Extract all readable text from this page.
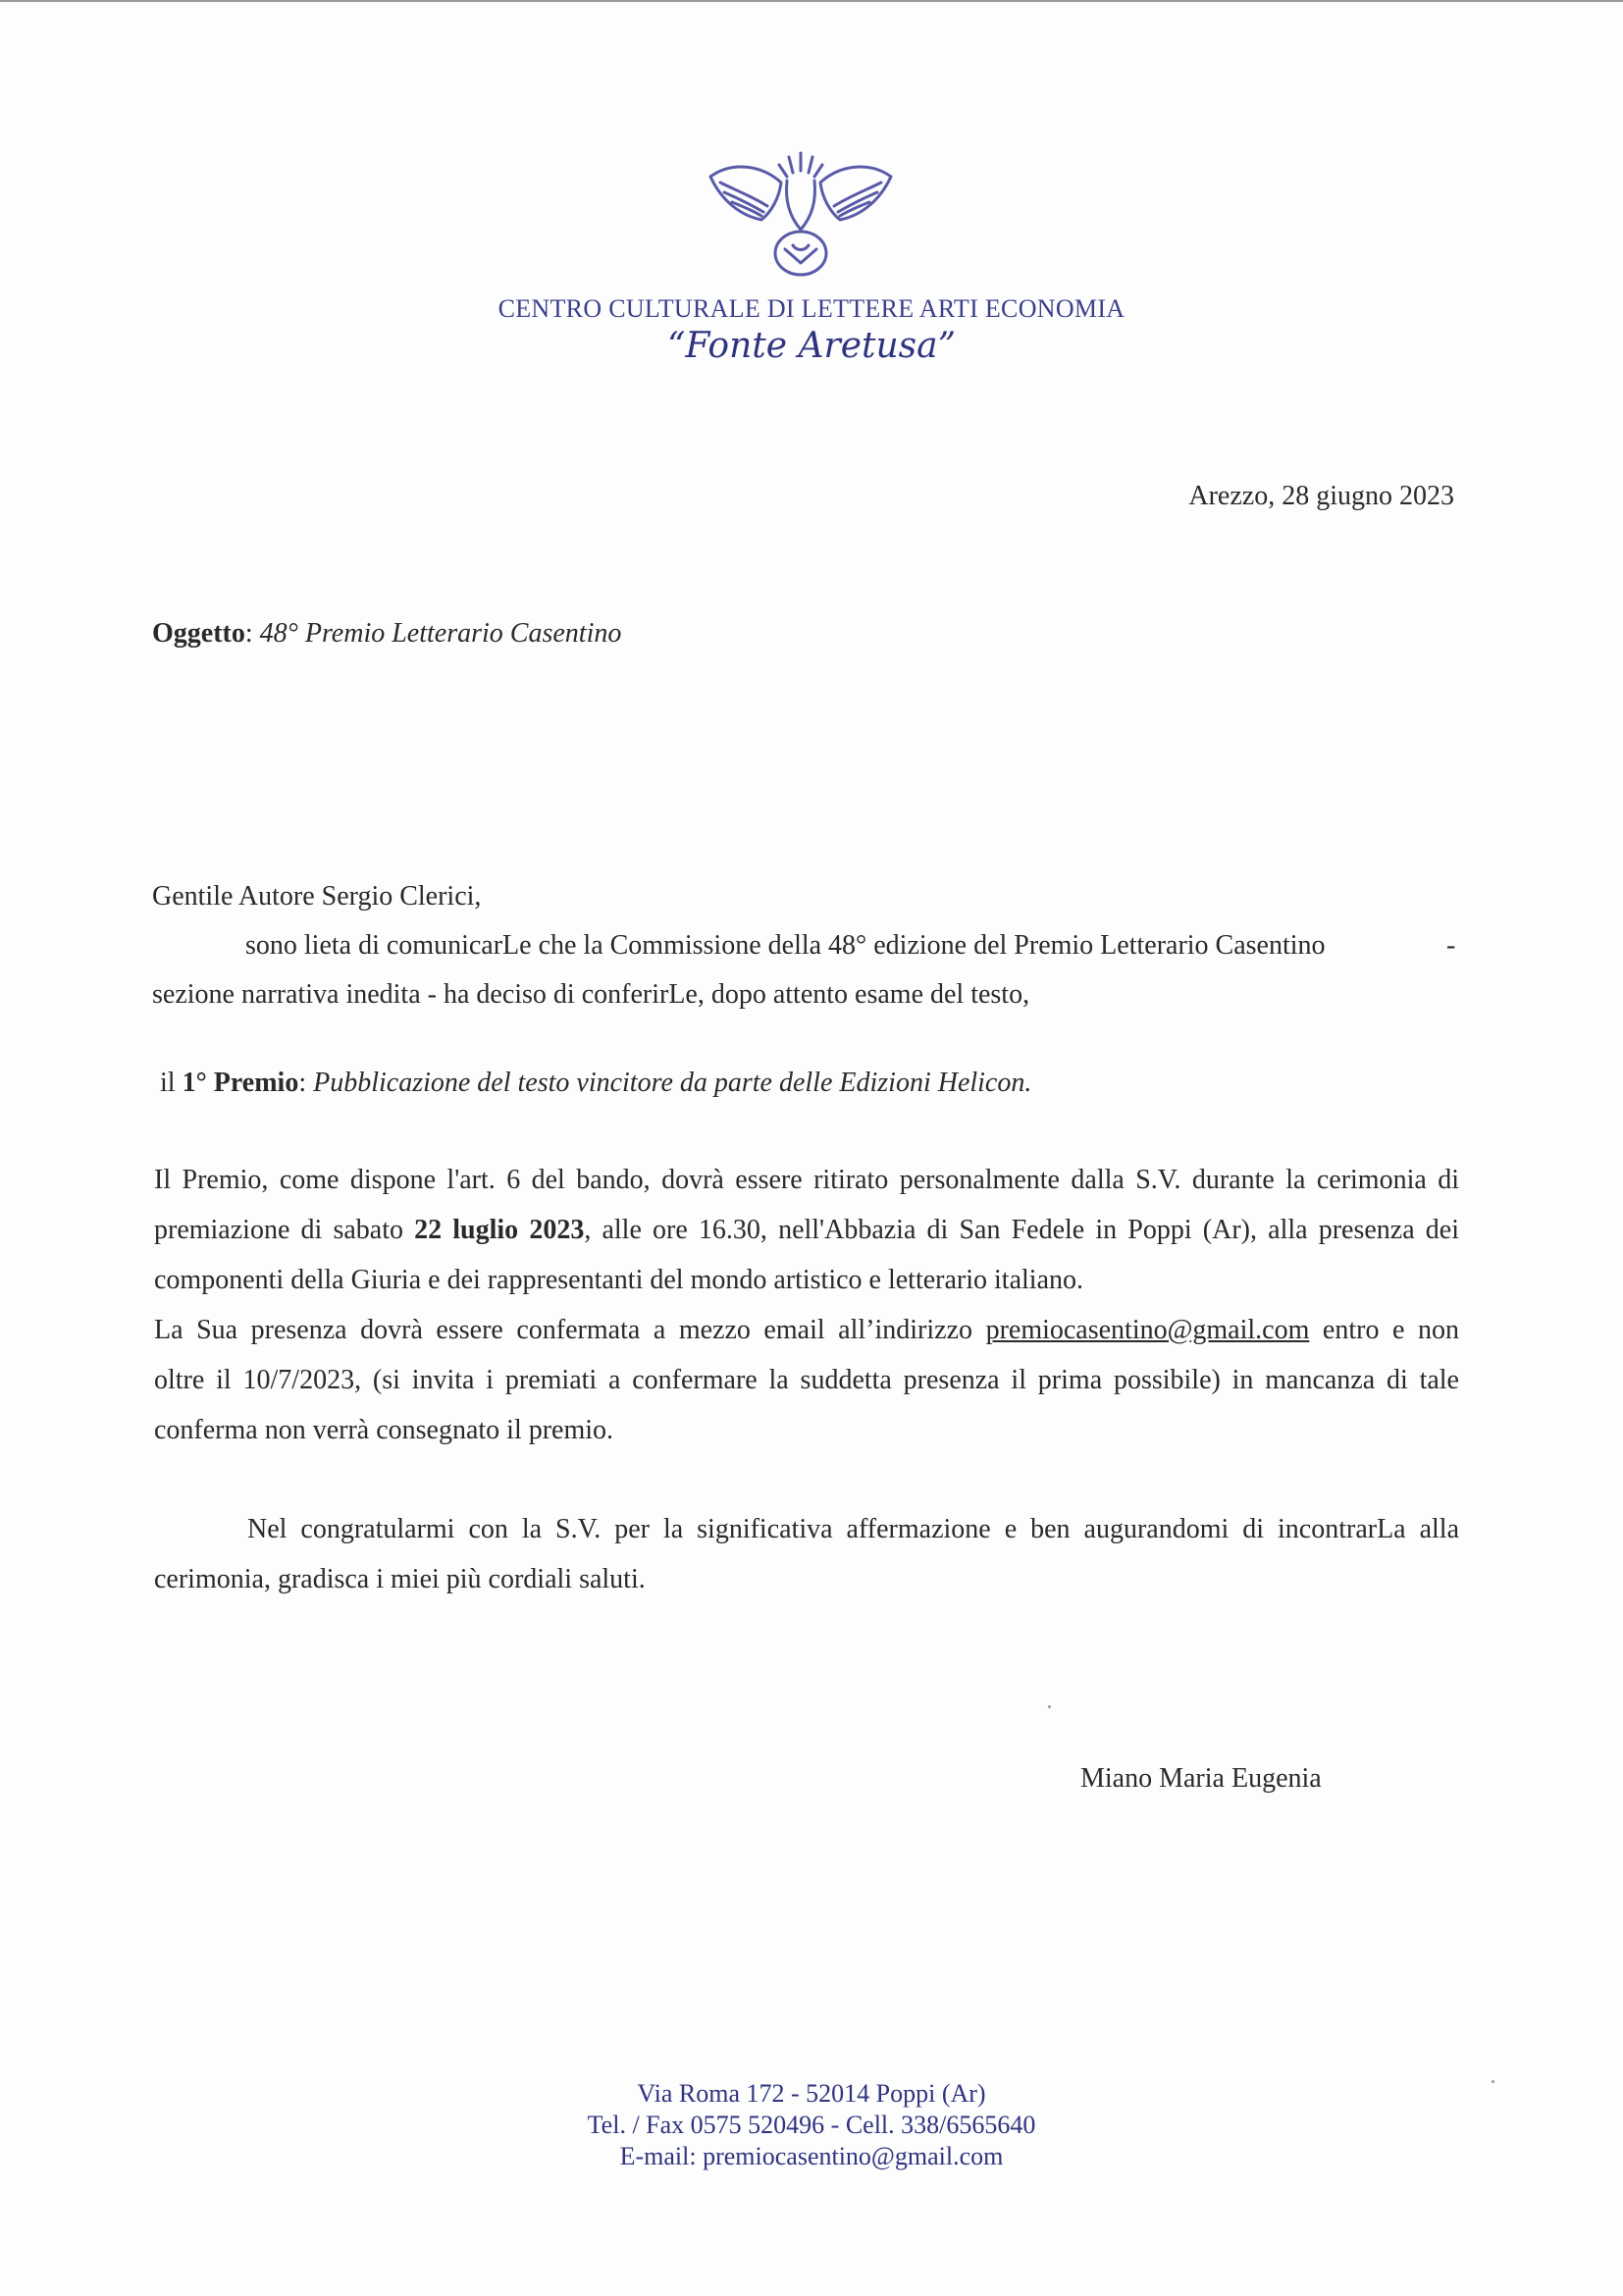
CENTRO CULTURALE DI LETTERE ARTI ECONOMIA
“Fonte Aretusa”
Arezzo, 28 giugno 2023
Oggetto: 48° Premio Letterario Casentino
Gentile Autore Sergio Clerici,
sono lieta di comunicarLe che la Commissione della 48° edizione del Premio Letterario Casentino	-
sezione narrativa inedita - ha deciso di conferirLe, dopo attento esame del testo,
il 1° Premio: Pubblicazione del testo vincitore da parte delle Edizioni Helicon.
Il Premio, come dispone l'art. 6 del bando, dovrà essere ritirato personalmente dalla S.V. durante la cerimonia di
premiazione di sabato 22 luglio 2023, alle ore 16.30, nell'Abbazia di San Fedele in Poppi (Ar), alla presenza dei
componenti della Giuria e dei rappresentanti del mondo artistico e letterario italiano.
La Sua presenza dovrà essere confermata a mezzo email all’indirizzo premiocasentino@gmail.com entro e non
oltre il 10/7/2023, (si invita i premiati a confermare la suddetta presenza il prima possibile) in mancanza di tale
conferma non verrà consegnato il premio.
Nel congratularmi con la S.V. per la significativa affermazione e ben augurandomi di incontrarLa alla
cerimonia, gradisca i miei più cordiali saluti.
Miano Maria Eugenia
Via Roma 172 - 52014 Poppi (Ar)
Tel. / Fax 0575 520496 - Cell. 338/6565640
E-mail: premiocasentino@gmail.com
